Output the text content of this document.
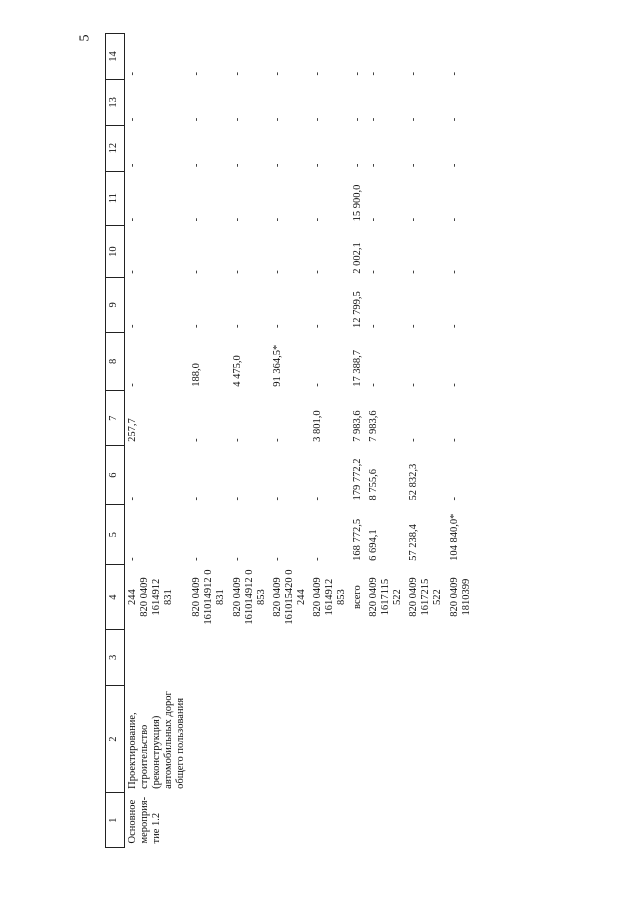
5
1	2	3	4	5	6	7	8	9	10	11	12	13	14
Основное мероприя-тие 1.2	Проектирование, строительство (реконструкция) автомобильных дорог общего пользования		244
820 0409
1614912
831	-	-	257,7	-	-	-	-	-	-	-

			820 0409
161014912 0
831	-	-	-	188,0	-	-	-	-	-	-

			820 0409
161014912 0
853	-	-	-	4 475,0	-	-	-	-	-	-

			820 0409
161015420 0
244	-	-	-	91 364,5*	-	-	-	-	-	-

			820 0409
1614912
853	-	-	3 801,0	-	-	-	-	-	-	-

			всего	168 772,5	179 772,2	7 983,6	17 388,7	12 799,5	2 002,1	15 900,0	-	-	-

			820 0409
1617115
522	6 694,1	8 755,6	7 983,6	-	-	-	-	-	-	-

			820 0409
1617215
522	57 238,4	52 832,3	-	-	-	-	-	-	-	-

			820 0409
1810399	104 840,0*	-	-	-	-	-	-	-	-	-
